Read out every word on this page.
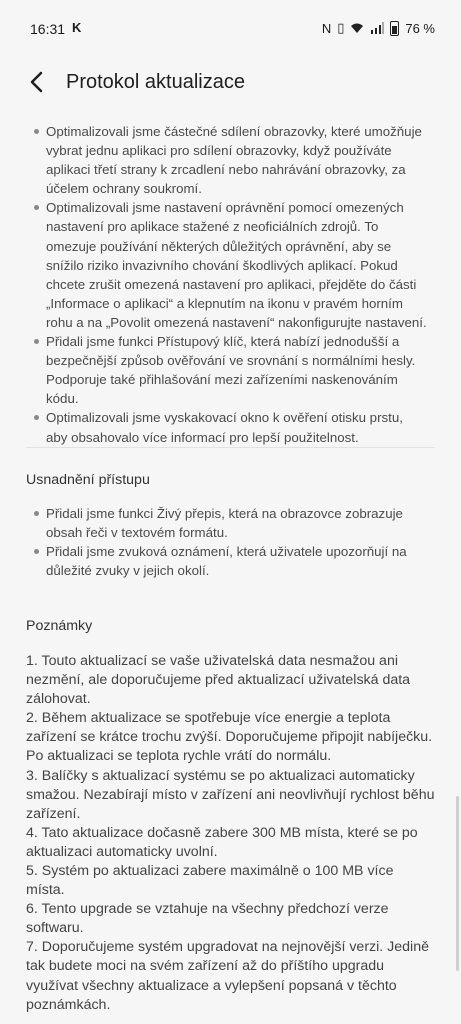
16:31 K	N ▯	76 %
Protokol aktualizace
Optimalizovali jsme částečné sdílení obrazovky, které umožňuje vybrat jednu aplikaci pro sdílení obrazovky, když používáte aplikaci třetí strany k zrcadlení nebo nahrávání obrazovky, za účelem ochrany soukromí.
Optimalizovali jsme nastavení oprávnění pomocí omezených nastavení pro aplikace stažené z neoficiálních zdrojů. To omezuje používání některých důležitých oprávnění, aby se snížilo riziko invazivního chování škodlivých aplikací. Pokud chcete zrušit omezená nastavení pro aplikaci, přejděte do části „Informace o aplikaci“ a klepnutím na ikonu v pravém horním rohu a na „Povolit omezená nastavení“ nakonfigurujte nastavení.
Přidali jsme funkci Přístupový klíč, která nabízí jednodušší a bezpečnější způsob ověřování ve srovnání s normálními hesly. Podporuje také přihlašování mezi zařízeními naskenováním kódu.
Optimalizovali jsme vyskakovací okno k ověření otisku prstu, aby obsahovalo více informací pro lepší použitelnost.
Usnadnění přístupu
Přidali jsme funkci Živý přepis, která na obrazovce zobrazuje obsah řeči v textovém formátu.
Přidali jsme zvuková oznámení, která uživatele upozorňují na důležité zvuky v jejich okolí.
Poznámky

1. Touto aktualizací se vaše uživatelská data nesmažou ani nezmění, ale doporučujeme před aktualizací uživatelská data zálohovat.

2. Během aktualizace se spotřebuje více energie a teplota zařízení se krátce trochu zvýší. Doporučujeme připojit nabíječku. Po aktualizaci se teplota rychle vrátí do normálu.

3. Balíčky s aktualizací systému se po aktualizaci automaticky smažou. Nezabírají místo v zařízení ani neovlivňují rychlost běhu zařízení.

4. Tato aktualizace dočasně zabere 300 MB místa, které se po aktualizaci automaticky uvolní.

5. Systém po aktualizaci zabere maximálně o 100 MB více místa.

6. Tento upgrade se vztahuje na všechny předchozí verze softwaru.

7. Doporučujeme systém upgradovat na nejnovější verzi. Jedině tak budete moci na svém zařízení až do příštího upgradu využívat všechny aktualizace a vylepšení popsaná v těchto poznámkách.
